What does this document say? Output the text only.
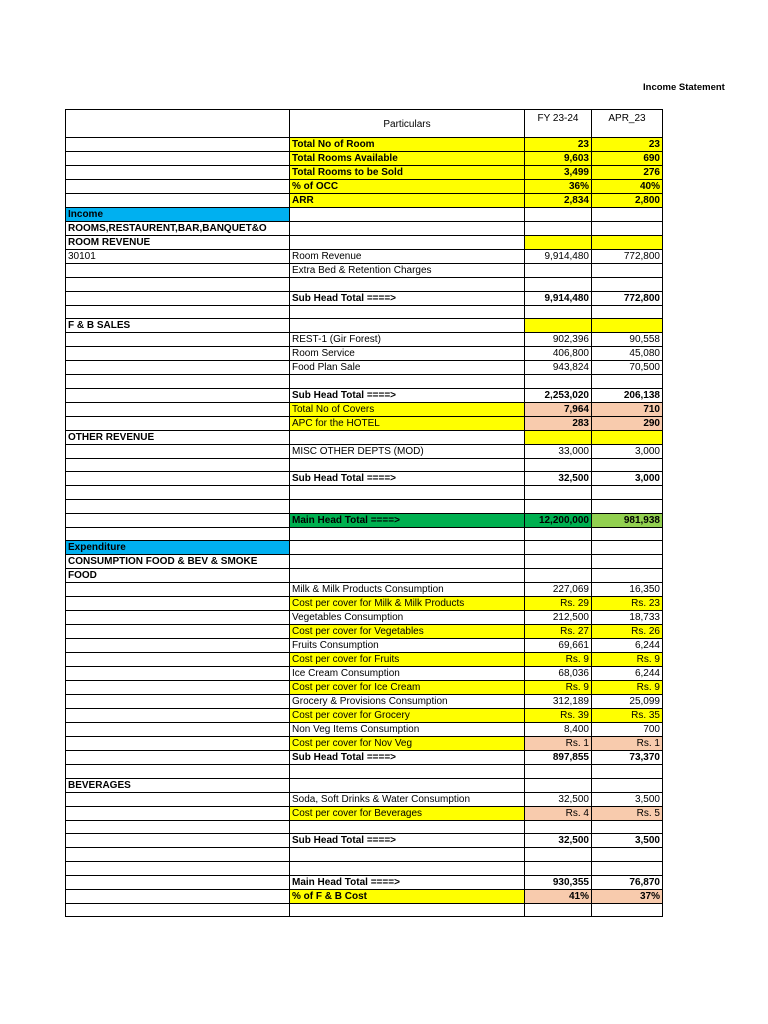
Income Statement
	Particulars	FY 23-24	APR_23
	Total No of Room	23	23
	Total Rooms Available	9,603	690
	Total Rooms to be Sold	3,499	276
	% of OCC	36%	40%
	ARR	2,834	2,800
Income			
ROOMS,RESTAURENT,BAR,BANQUET&O			
ROOM REVENUE			
30101	Room Revenue	9,914,480	772,800
	Extra Bed & Retention Charges		

	Sub Head Total ====>	9,914,480	772,800

F & B SALES			
	REST-1 (Gir Forest)	902,396	90,558
	Room Service	406,800	45,080
	Food Plan Sale	943,824	70,500

	Sub Head Total ====>	2,253,020	206,138
	Total No of Covers	7,964	710
	APC for the HOTEL	283	290
OTHER REVENUE			
	MISC OTHER DEPTS (MOD)	33,000	3,000

	Sub Head Total ====>	32,500	3,000

	Main Head Total ====>	12,200,000	981,938

Expenditure			
CONSUMPTION FOOD & BEV & SMOKE			
FOOD			
	Milk & Milk Products Consumption	227,069	16,350
	Cost per cover for Milk & Milk Products	Rs. 29	Rs. 23
	Vegetables Consumption	212,500	18,733
	Cost per cover for Vegetables	Rs. 27	Rs. 26
	Fruits Consumption	69,661	6,244
	Cost per cover for Fruits	Rs. 9	Rs. 9
	Ice Cream Consumption	68,036	6,244
	Cost per cover for Ice Cream	Rs. 9	Rs. 9
	Grocery & Provisions Consumption	312,189	25,099
	Cost per cover for Grocery	Rs. 39	Rs. 35
	Non Veg Items Consumption	8,400	700
	Cost per cover for Nov Veg	Rs. 1	Rs. 1
	Sub Head Total ====>	897,855	73,370

BEVERAGES			
	Soda, Soft Drinks & Water Consumption	32,500	3,500
	Cost per cover for Beverages	Rs. 4	Rs. 5

	Sub Head Total ====>	32,500	3,500

	Main Head Total ====>	930,355	76,870
	% of F & B Cost	41%	37%
